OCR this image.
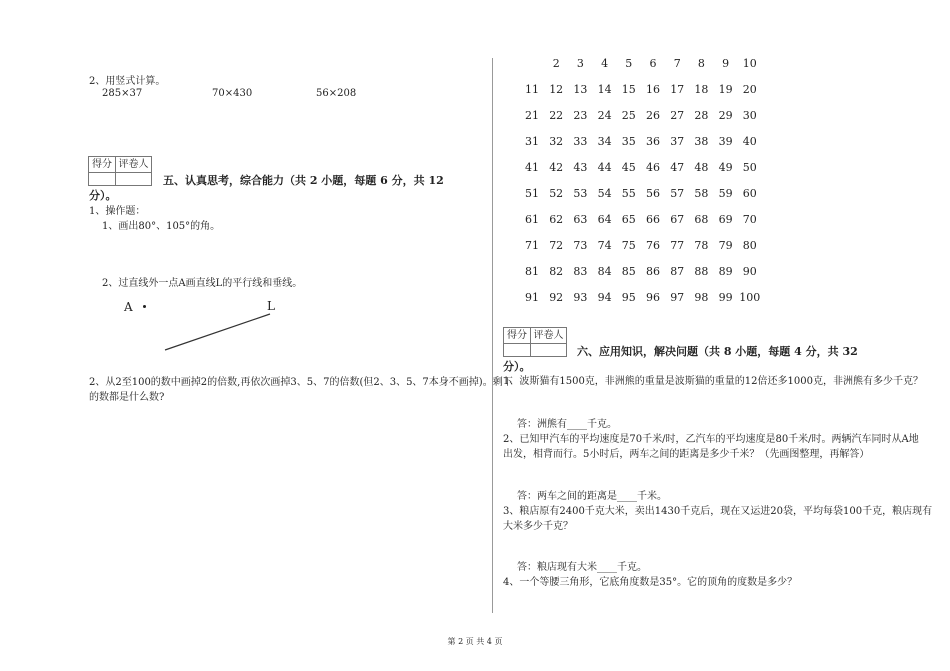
2、用竖式计算。
285×37	70×430	56×208
得分 评卷人
五、认真思考，综合能力（共 2 小题，每题 6 分，共 12
分）。
1、操作题：
1、画出80°、105°的角。
2、过直线外一点A画直线L的平行线和垂线。
A	L
2、从2至100的数中画掉2的倍数,再依次画掉3、5、7的倍数(但2、3、5、7本身不画掉)。剩下
的数都是什么数?
2	3	4	5	6	7	8	9	10
11 12 13 14 15 16 17 18 19 20
21 22 23 24 25 26 27 28 29 30
31 32 33 34 35 36 37 38 39 40
41 42 43 44 45 46 47 48 49 50
51 52 53 54 55 56 57 58 59 60
61 62 63 64 65 66 67 68 69 70
71 72 73 74 75 76 77 78 79 80
81 82 83 84 85 86 87 88 89 90
91 92 93 94 95 96 97 98 99 100
得分 评卷人
六、应用知识，解决问题（共 8 小题，每题 4 分，共 32
分）。
1、波斯猫有1500克，非洲熊的重量是波斯猫的重量的12倍还多1000克，非洲熊有多少千克？
答：洲熊有____千克。
2、已知甲汽车的平均速度是70千米/时，乙汽车的平均速度是80千米/时。两辆汽车同时从A地
出发，相背而行。5小时后，两车之间的距离是多少千米？（先画图整理，再解答）
答：两车之间的距离是____千米。
3、粮店原有2400千克大米，卖出1430千克后，现在又运进20袋，平均每袋100千克，粮店现有
大米多少千克？
答：粮店现有大米____千克。
4、一个等腰三角形，它底角度数是35°。它的顶角的度数是多少？
第 2 页 共 4 页
